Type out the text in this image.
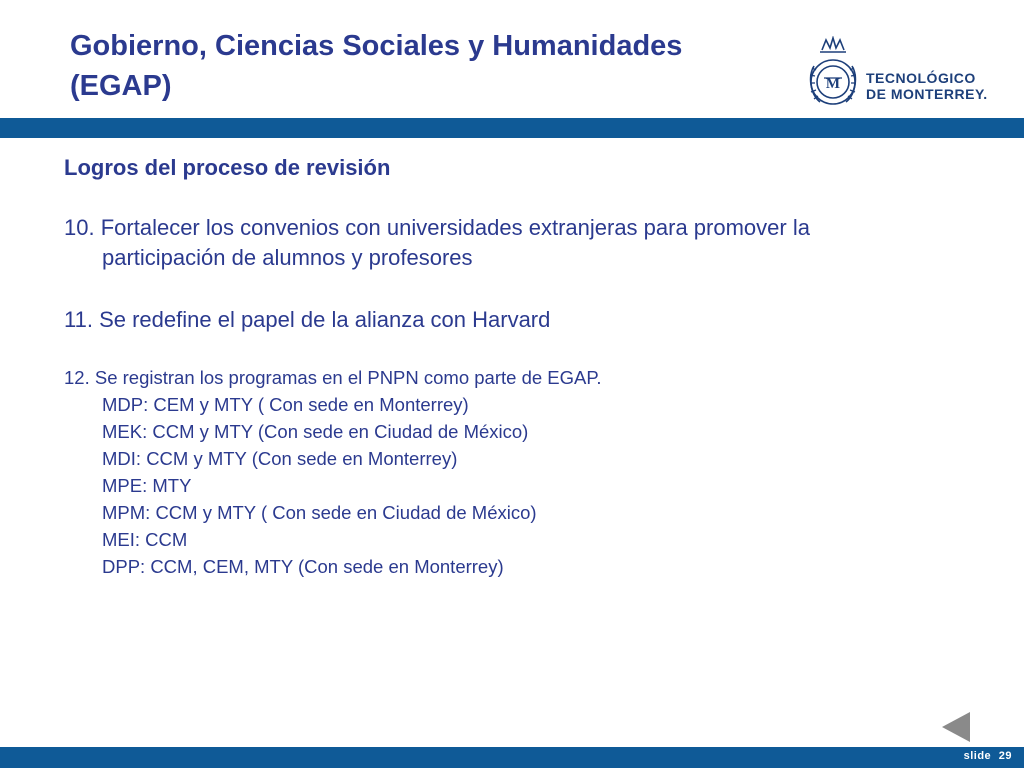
Gobierno, Ciencias Sociales y Humanidades
(EGAP)	M TECNOLÓGICO
DE MONTERREY.
Logros del proceso de revisión
10. Fortalecer los convenios con universidades extranjeras para promover la
participación de alumnos y profesores
11. Se redefine el papel de la alianza con Harvard
12. Se registran los programas en el PNPN como parte de EGAP.
MDP: CEM y MTY ( Con sede en Monterrey)
MEK: CCM y MTY (Con sede en Ciudad de México)
MDI: CCM y MTY (Con sede en Monterrey)
MPE: MTY
MPM: CCM y MTY ( Con sede en Ciudad de México)
MEI: CCM
DPP: CCM, CEM, MTY (Con sede en Monterrey)
slide 29
